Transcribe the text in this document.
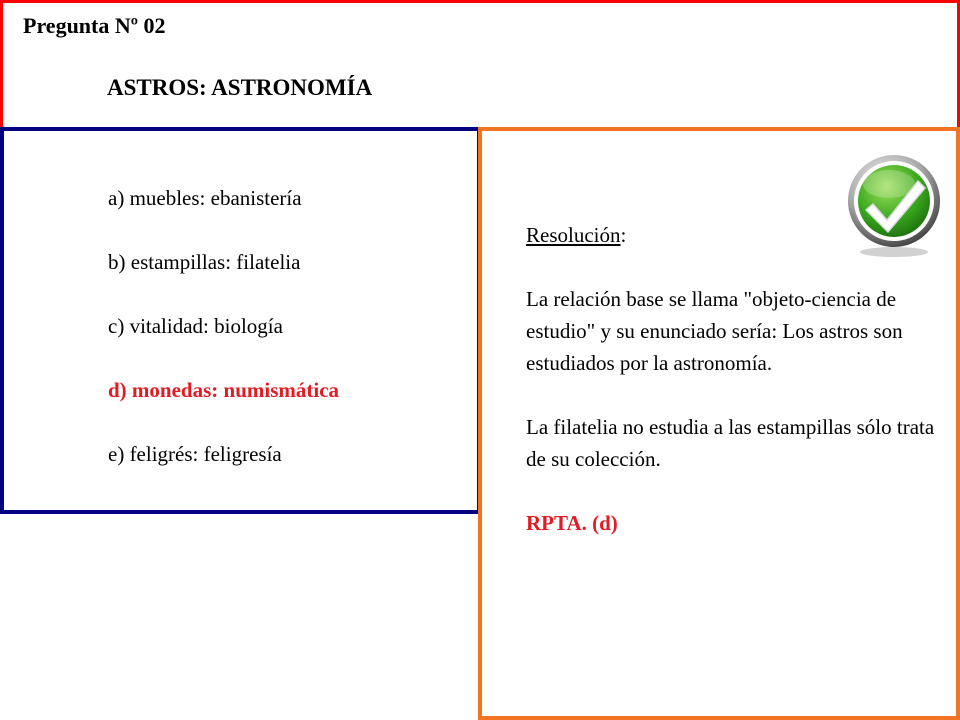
Pregunta Nº 02
ASTROS: ASTRONOMÍA
a) muebles: ebanistería
b) estampillas: filatelia
c) vitalidad: biología
d) monedas: numismática
e) feligrés: feligresía
Resolución:
La relación base se llama "objeto-ciencia de estudio" y su enunciado sería: Los astros son estudiados por la astronomía.
La filatelia no estudia a las estampillas sólo trata de su colección.
RPTA. (d)
